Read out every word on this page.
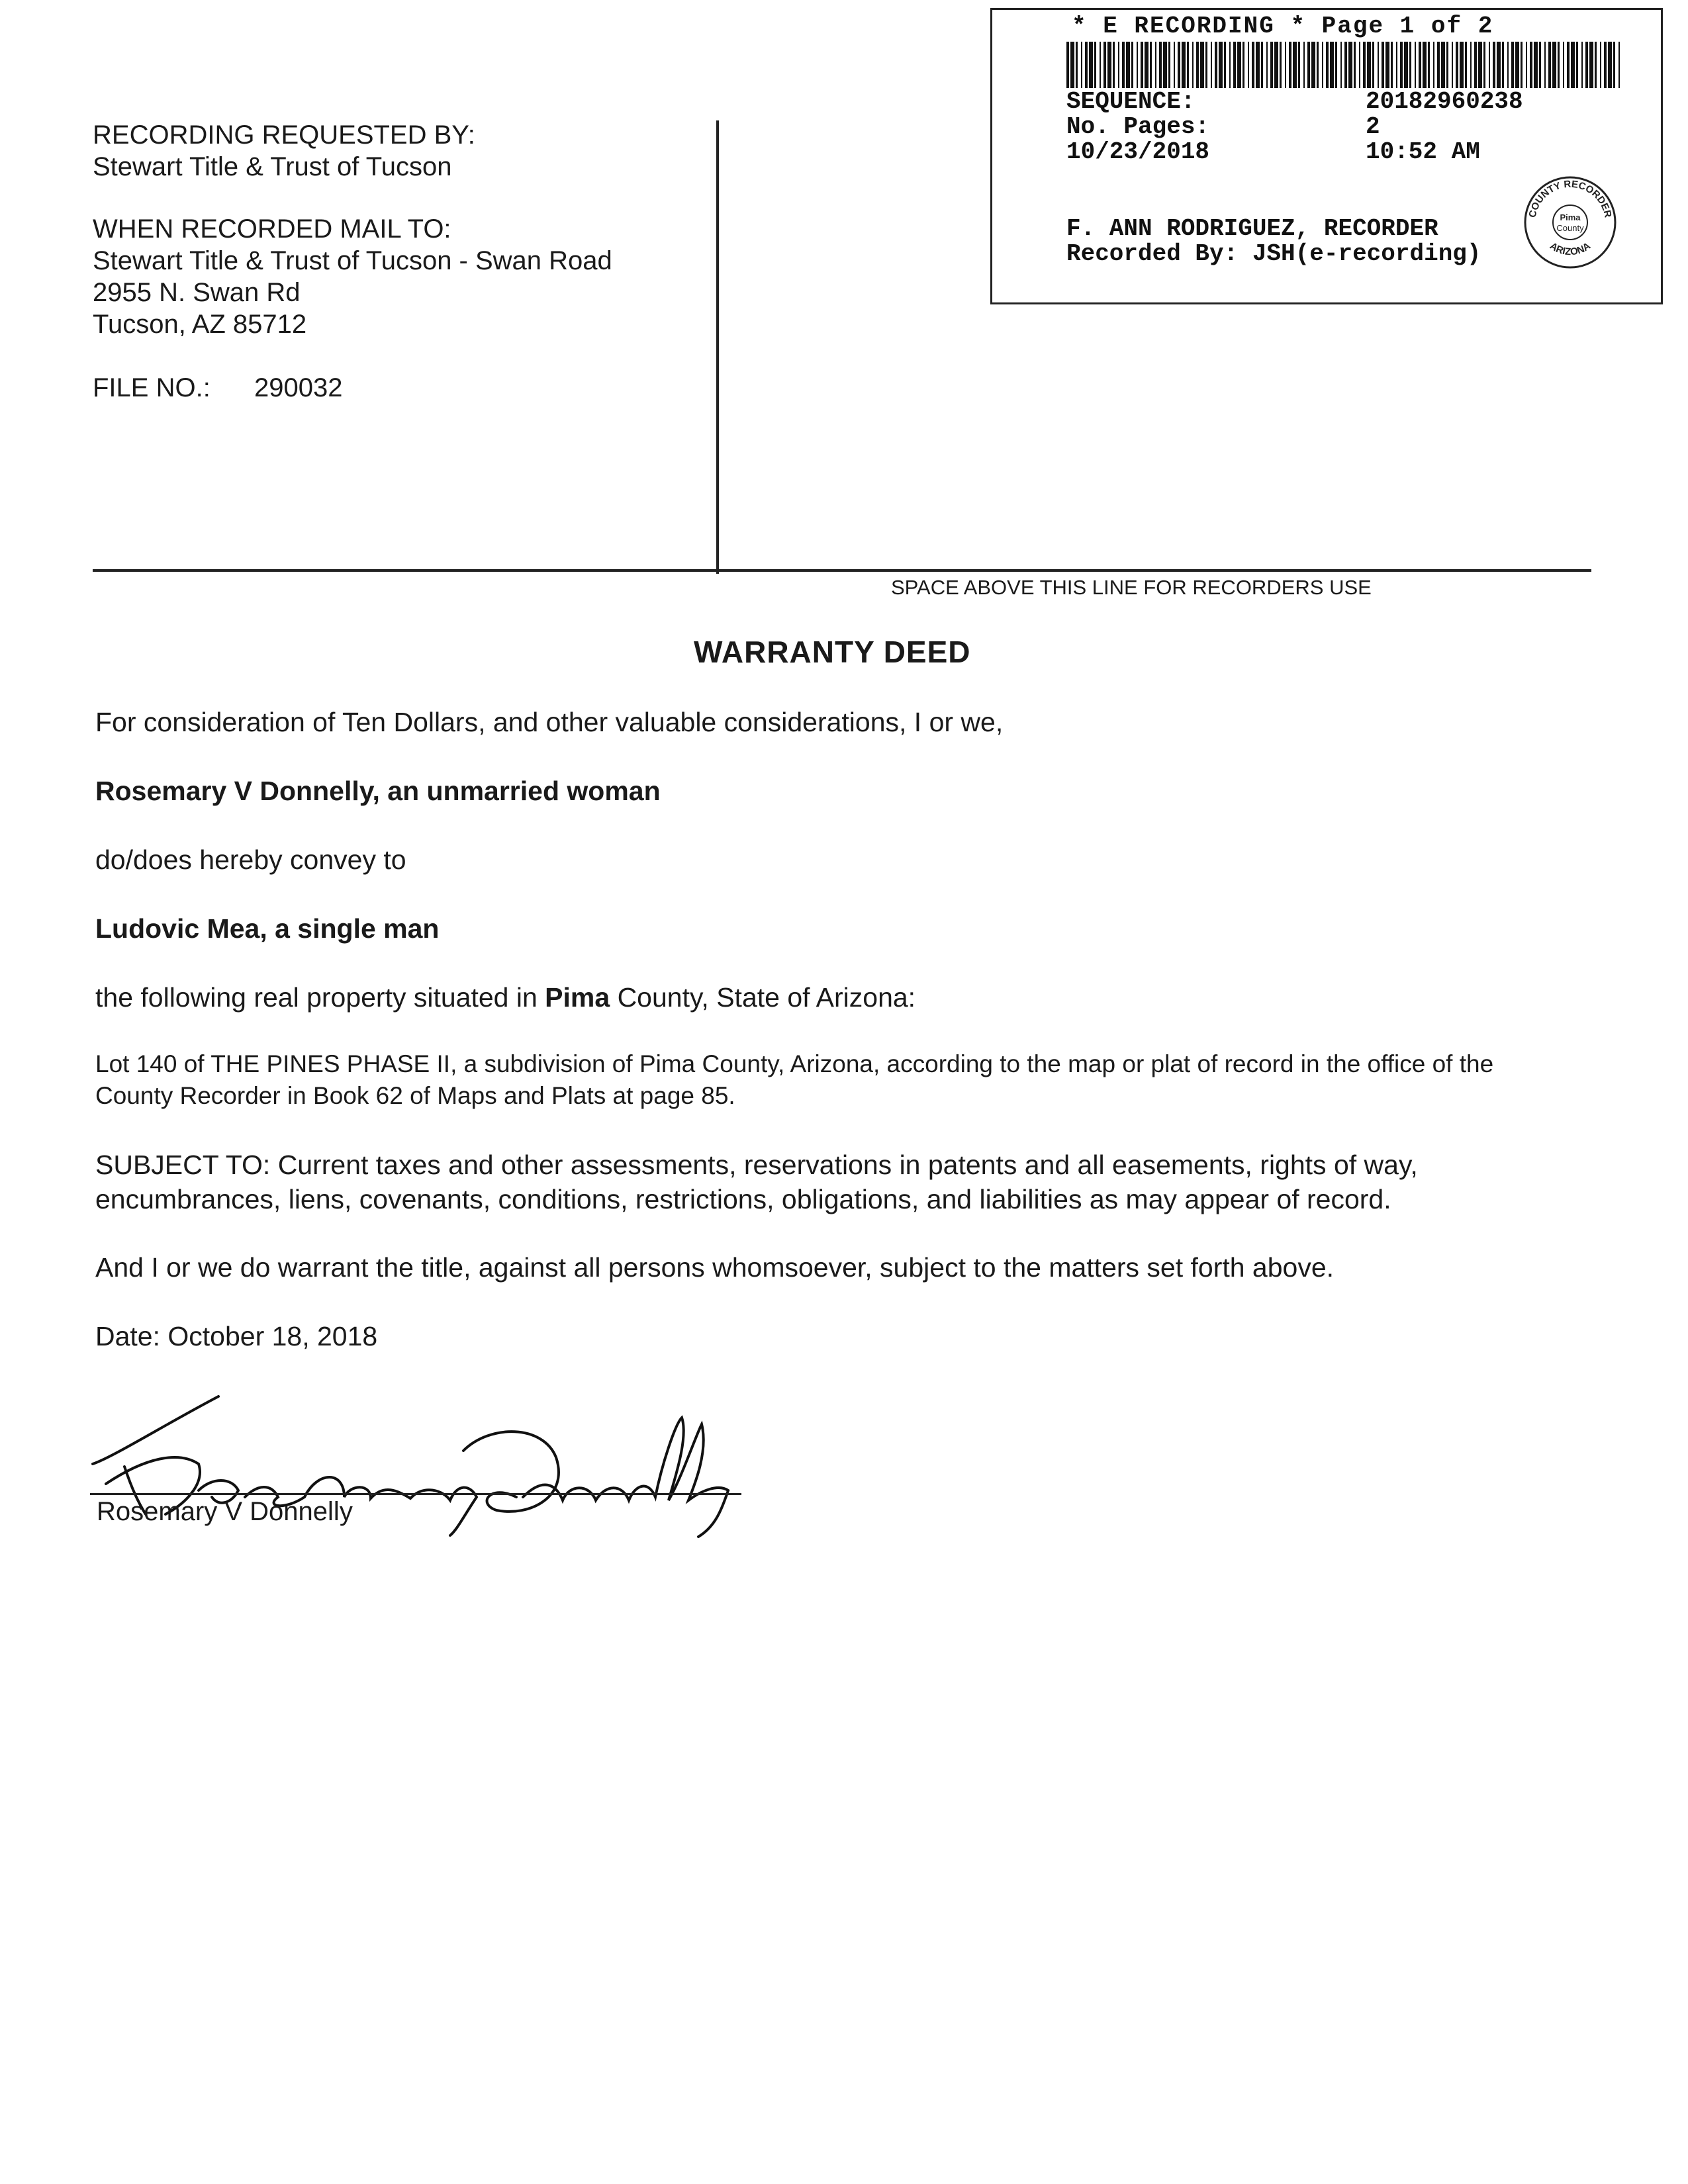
* E RECORDING * Page 1 of 2
SEQUENCE:	20182960238
No. Pages:	2
10/23/2018	10:52 AM
F. ANN RODRIGUEZ, RECORDER
Recorded By: JSH(e-recording)
COUNTY RECORDER
ARIZONA
Pima
County
RECORDING REQUESTED BY:
Stewart Title & Trust of Tucson
WHEN RECORDED MAIL TO:
Stewart Title & Trust of Tucson - Swan Road
2955 N. Swan Rd
Tucson, AZ 85712
FILE NO.: 290032
SPACE ABOVE THIS LINE FOR RECORDERS USE
WARRANTY DEED
For consideration of Ten Dollars, and other valuable considerations, I or we,
Rosemary V Donnelly, an unmarried woman
do/does hereby convey to
Ludovic Mea, a single man
the following real property situated in Pima County, State of Arizona:
Lot 140 of THE PINES PHASE II, a subdivision of Pima County, Arizona, according to the map or plat of record in the office of the County Recorder in Book 62 of Maps and Plats at page 85.
SUBJECT TO: Current taxes and other assessments, reservations in patents and all easements, rights of way, encumbrances, liens, covenants, conditions, restrictions, obligations, and liabilities as may appear of record.
And I or we do warrant the title, against all persons whomsoever, subject to the matters set forth above.
Date: October 18, 2018
Rosemary V Donnelly
